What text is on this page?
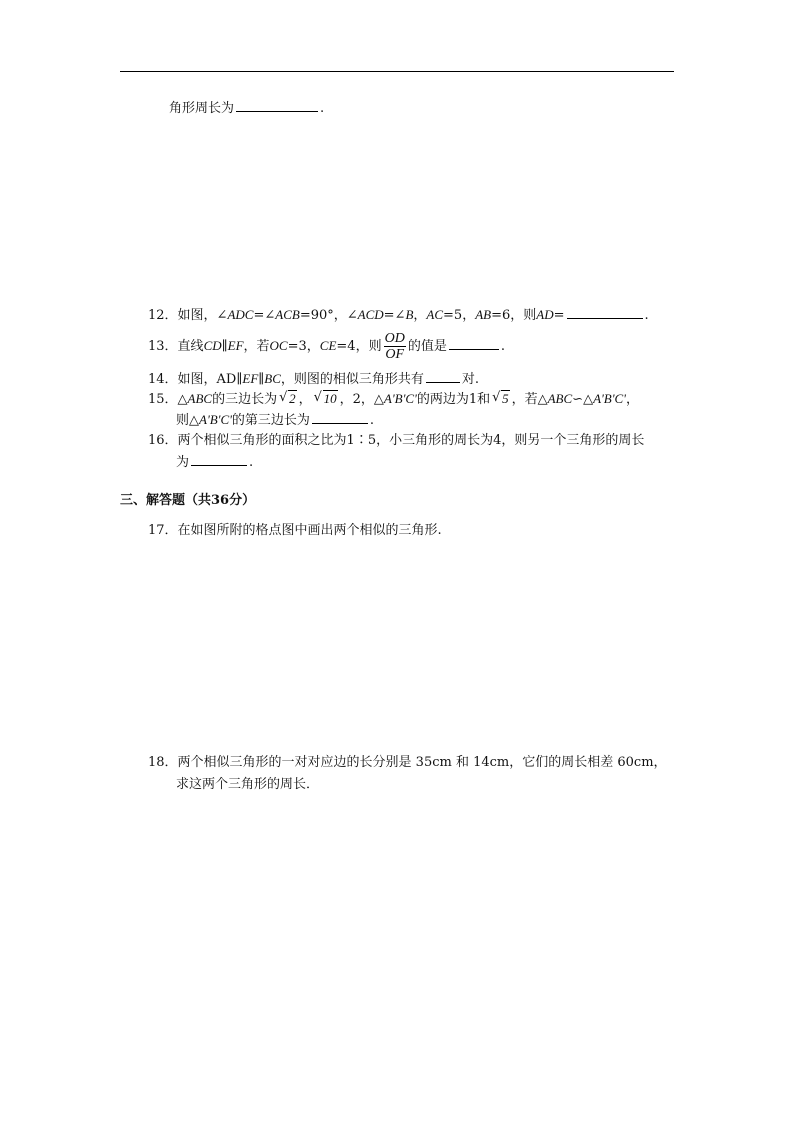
角形周长为	.
12．如图，∠ADC=∠ACB=90°，∠ACD=∠B，AC=5，AB=6，则AD=	.
13．直线CD∥EF，若OC=3，CE=4，则 $\frac{OD}{OF}$ 的值是	.
14．如图，AD∥EF∥BC，则图的相似三角形共有	对.
15．△ABC的三边长为 √ 2 ， √ 10 ，2，△A'B'C'的两边为1和 √ 5 ，若△ABC∽△A'B'C'，
则△A'B'C'的第三边长为	.
16．两个相似三角形的面积之比为1∶5，小三角形的周长为4，则另一个三角形的周长
为	.
三、解答题（共36分）
17．在如图所附的格点图中画出两个相似的三角形.
18．两个相似三角形的一对对应边的长分别是 35cm 和 14cm，它们的周长相差 60cm，
求这两个三角形的周长．
